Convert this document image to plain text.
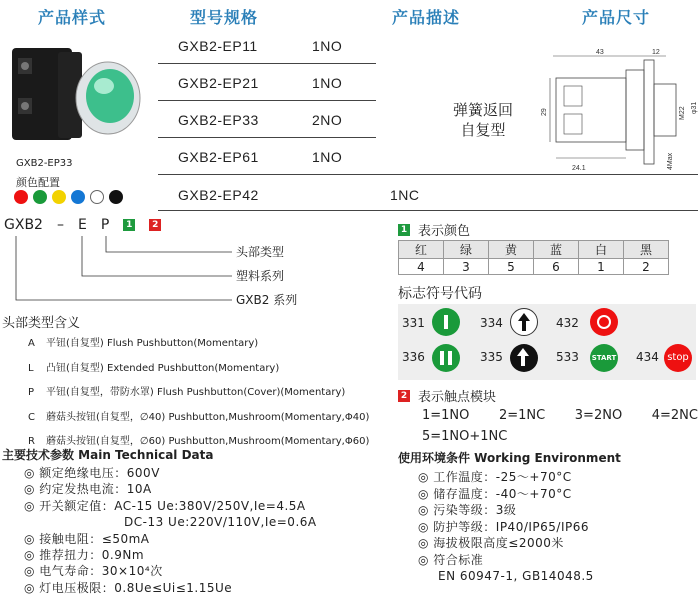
产品样式	型号规格	产品描述	产品尺寸
GXB2-EP33
颜色配置
GXB2-EP11	1NO
GXB2-EP21	1NO
GXB2-EP33	2NO
GXB2-EP61	1NO
GXB2-EP42	1NC
弹簧返回
自复型
43	12
29
24.1
M22 φ31
4Max
GXB2 – E P	1	2
头部类型
塑料系列
GXB2 系列
头部类型含义
A 平钮(自复型) Flush Pushbutton(Momentary)
L 凸钮(自复型) Extended Pushbutton(Momentary)
P 平钮(自复型，带防水罩) Flush Pushbutton(Cover)(Momentary)
C 蘑菇头按钮(自复型，∅40) Pushbutton,Mushroom(Momentary,Φ40)
R 蘑菇头按钮(自复型，∅60) Pushbutton,Mushroom(Momentary,Φ60)
主要技术参数 Main Technical Data
◎ 额定绝缘电压：600V
◎ 约定发热电流：10A
◎ 开关额定值：AC-15 Ue:380V/250V,Ie=4.5A
DC-13 Ue:220V/110V,Ie=0.6A
◎ 接触电阻：≤50mA
◎ 推荐扭力：0.9Nm
◎ 电气寿命：30×10⁴次
◎ 灯电压极限：0.8Ue≤Ui≤1.15Ue
1 表示颜色
红	绿	黄	蓝	白	黑
4	3	5	6	1	2
标志符号代码
331	334	432
336	335	533 START 434 stop
2 表示触点模块
1=1NO 2=1NC 3=2NO 4=2NC
5=1NO+1NC
使用环境条件 Working Environment
◎ 工作温度：-25～+70°C
◎ 储存温度：-40～+70°C
◎ 污染等级：3级
◎ 防护等级：IP40/IP65/IP66
◎ 海拔极限高度≤2000米
◎ 符合标准
EN 60947-1, GB14048.5
